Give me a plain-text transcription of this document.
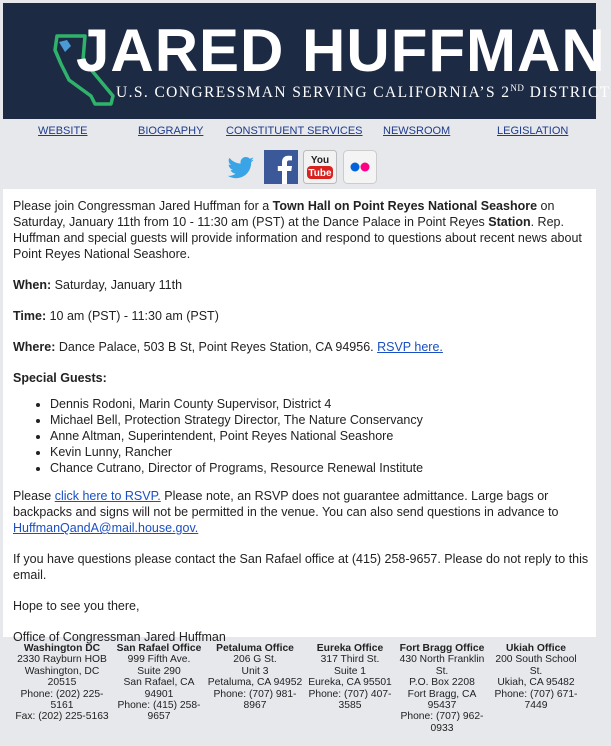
JARED HUFFMAN
U.S. CONGRESSMAN SERVING CALIFORNIA’S 2ND DISTRICT
WEBSITE	BIOGRAPHY CONSTITUENT SERVICES NEWSROOM	LEGISLATION
You
Tube

Please join Congressman Jared Huffman for a Town Hall on Point Reyes National Seashore on Saturday, January 11th from 10 - 11:30 am (PST) at the Dance Palace in Point Reyes Station. Rep. Huffman and special guests will provide information and respond to questions about recent news about Point Reyes National Seashore.

When: Saturday, January 11th

Time: 10 am (PST) - 11:30 am (PST)

Where: Dance Palace, 503 B St, Point Reyes Station, CA 94956. RSVP here.

Special Guests:

• Dennis Rodoni, Marin County Supervisor, District 4
• Michael Bell, Protection Strategy Director, The Nature Conservancy
• Anne Altman, Superintendent, Point Reyes National Seashore
• Kevin Lunny, Rancher
• Chance Cutrano, Director of Programs, Resource Renewal Institute

Please click here to RSVP. Please note, an RSVP does not guarantee admittance. Large bags or backpacks and signs will not be permitted in the venue. You can also send questions in advance to HuffmanQandA@mail.house.gov.

If you have questions please contact the San Rafael office at (415) 258-9657. Please do not reply to this email.

Hope to see you there,

Office of Congressman Jared Huffman

Washington DC
2330 Rayburn HOB
Washington, DC
20515
Phone: (202) 225-
5161
Fax: (202) 225-5163
San Rafael Office
999 Fifth Ave.
Suite 290
San Rafael, CA
94901
Phone: (415) 258-
9657
Petaluma Office
206 G St.
Unit 3
Petaluma, CA 94952
Phone: (707) 981-
8967
Eureka Office
317 Third St.
Suite 1
Eureka, CA 95501
Phone: (707) 407-
3585
Fort Bragg Office
430 North Franklin
St.
P.O. Box 2208
Fort Bragg, CA
95437
Phone: (707) 962-
0933
Ukiah Office
200 South School
St.
Ukiah, CA 95482
Phone: (707) 671-
7449
